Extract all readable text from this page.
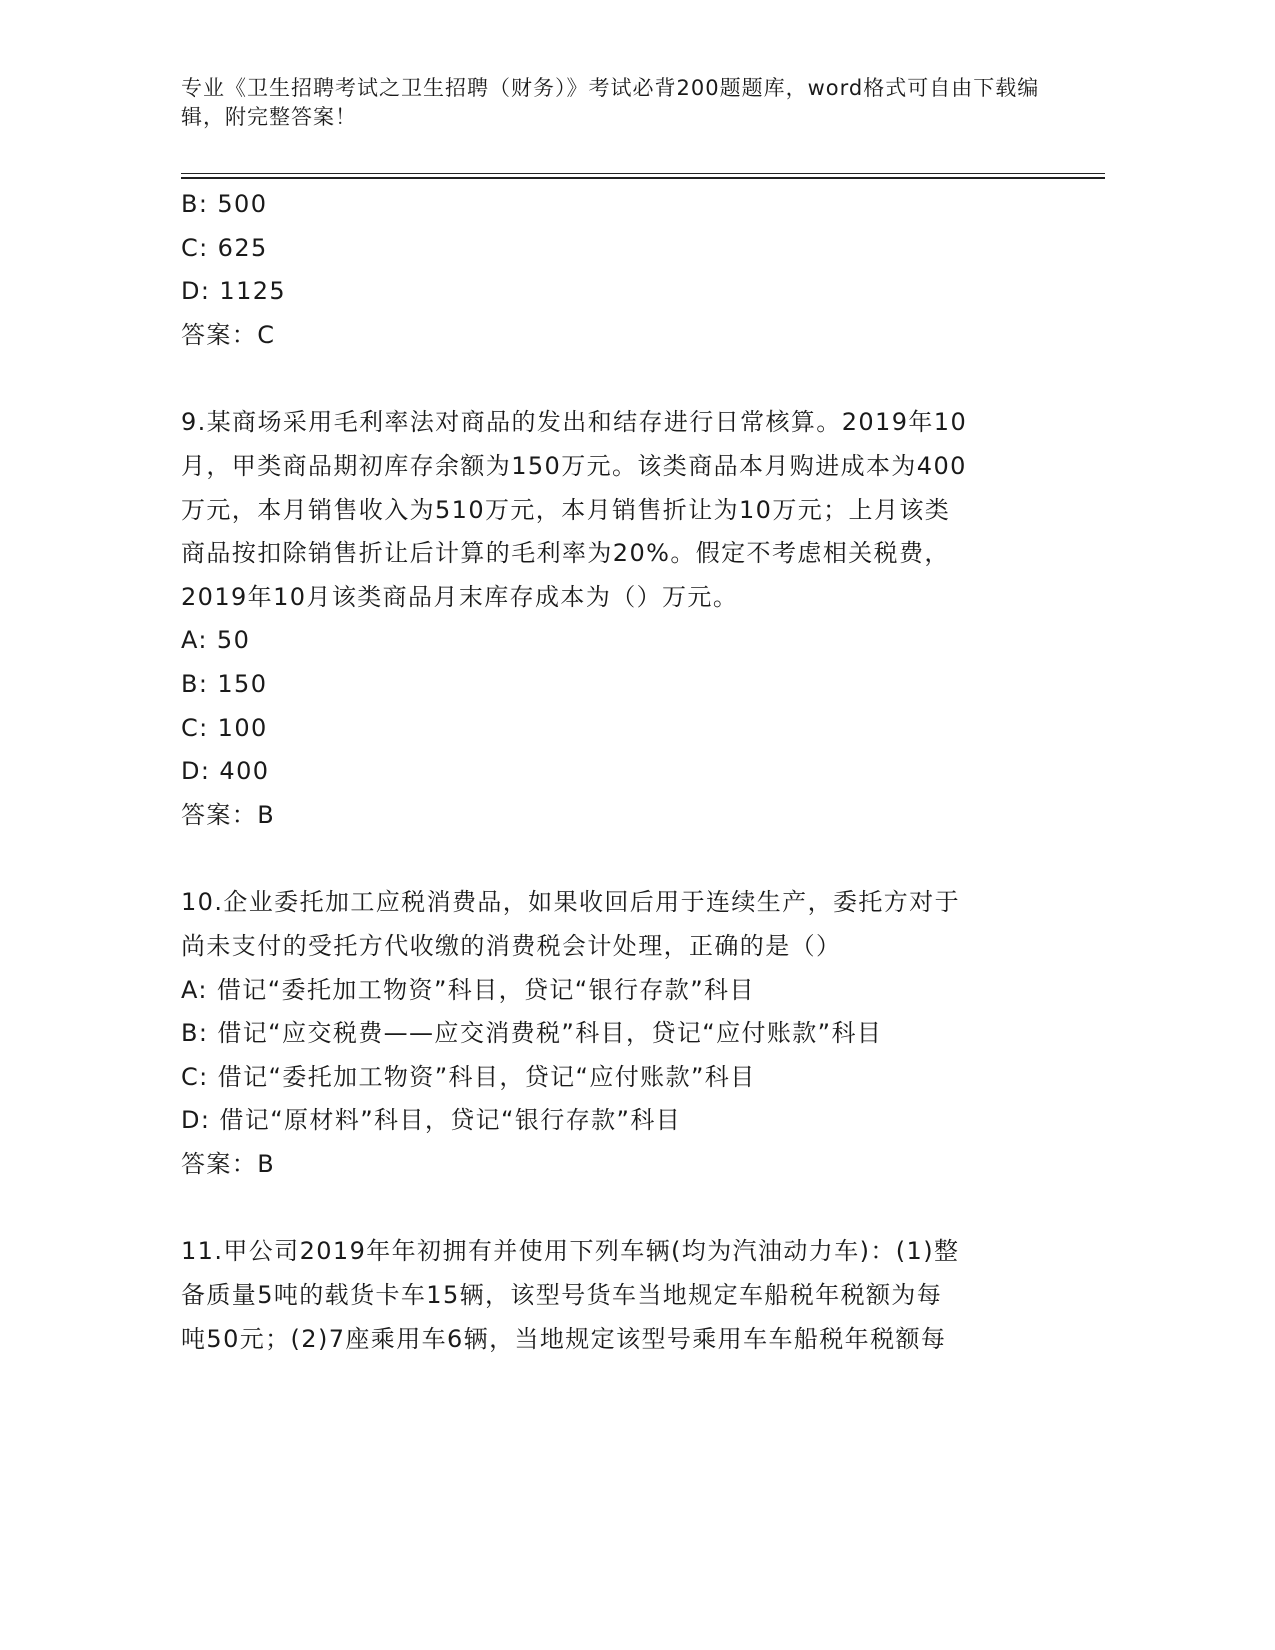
专业《卫生招聘考试之卫生招聘（财务）》考试必背200题题库，word格式可自由下载编辑，附完整答案！
B: 500
C: 625
D: 1125
答案：C
9.某商场采用毛利率法对商品的发出和结存进行日常核算。2019年10
月，甲类商品期初库存余额为150万元。该类商品本月购进成本为400
万元，本月销售收入为510万元，本月销售折让为10万元；上月该类
商品按扣除销售折让后计算的毛利率为20%。假定不考虑相关税费，
2019年10月该类商品月末库存成本为（）万元。
A: 50
B: 150
C: 100
D: 400
答案：B
10.企业委托加工应税消费品，如果收回后用于连续生产，委托方对于
尚未支付的受托方代收缴的消费税会计处理，正确的是（）
A: 借记“委托加工物资”科目，贷记“银行存款”科目
B: 借记“应交税费——应交消费税”科目，贷记“应付账款”科目
C: 借记“委托加工物资”科目，贷记“应付账款”科目
D: 借记“原材料”科目，贷记“银行存款”科目
答案：B
11.甲公司2019年年初拥有并使用下列车辆(均为汽油动力车)：(1)整
备质量5吨的载货卡车15辆，该型号货车当地规定车船税年税额为每
吨50元；(2)7座乘用车6辆，当地规定该型号乘用车车船税年税额每
